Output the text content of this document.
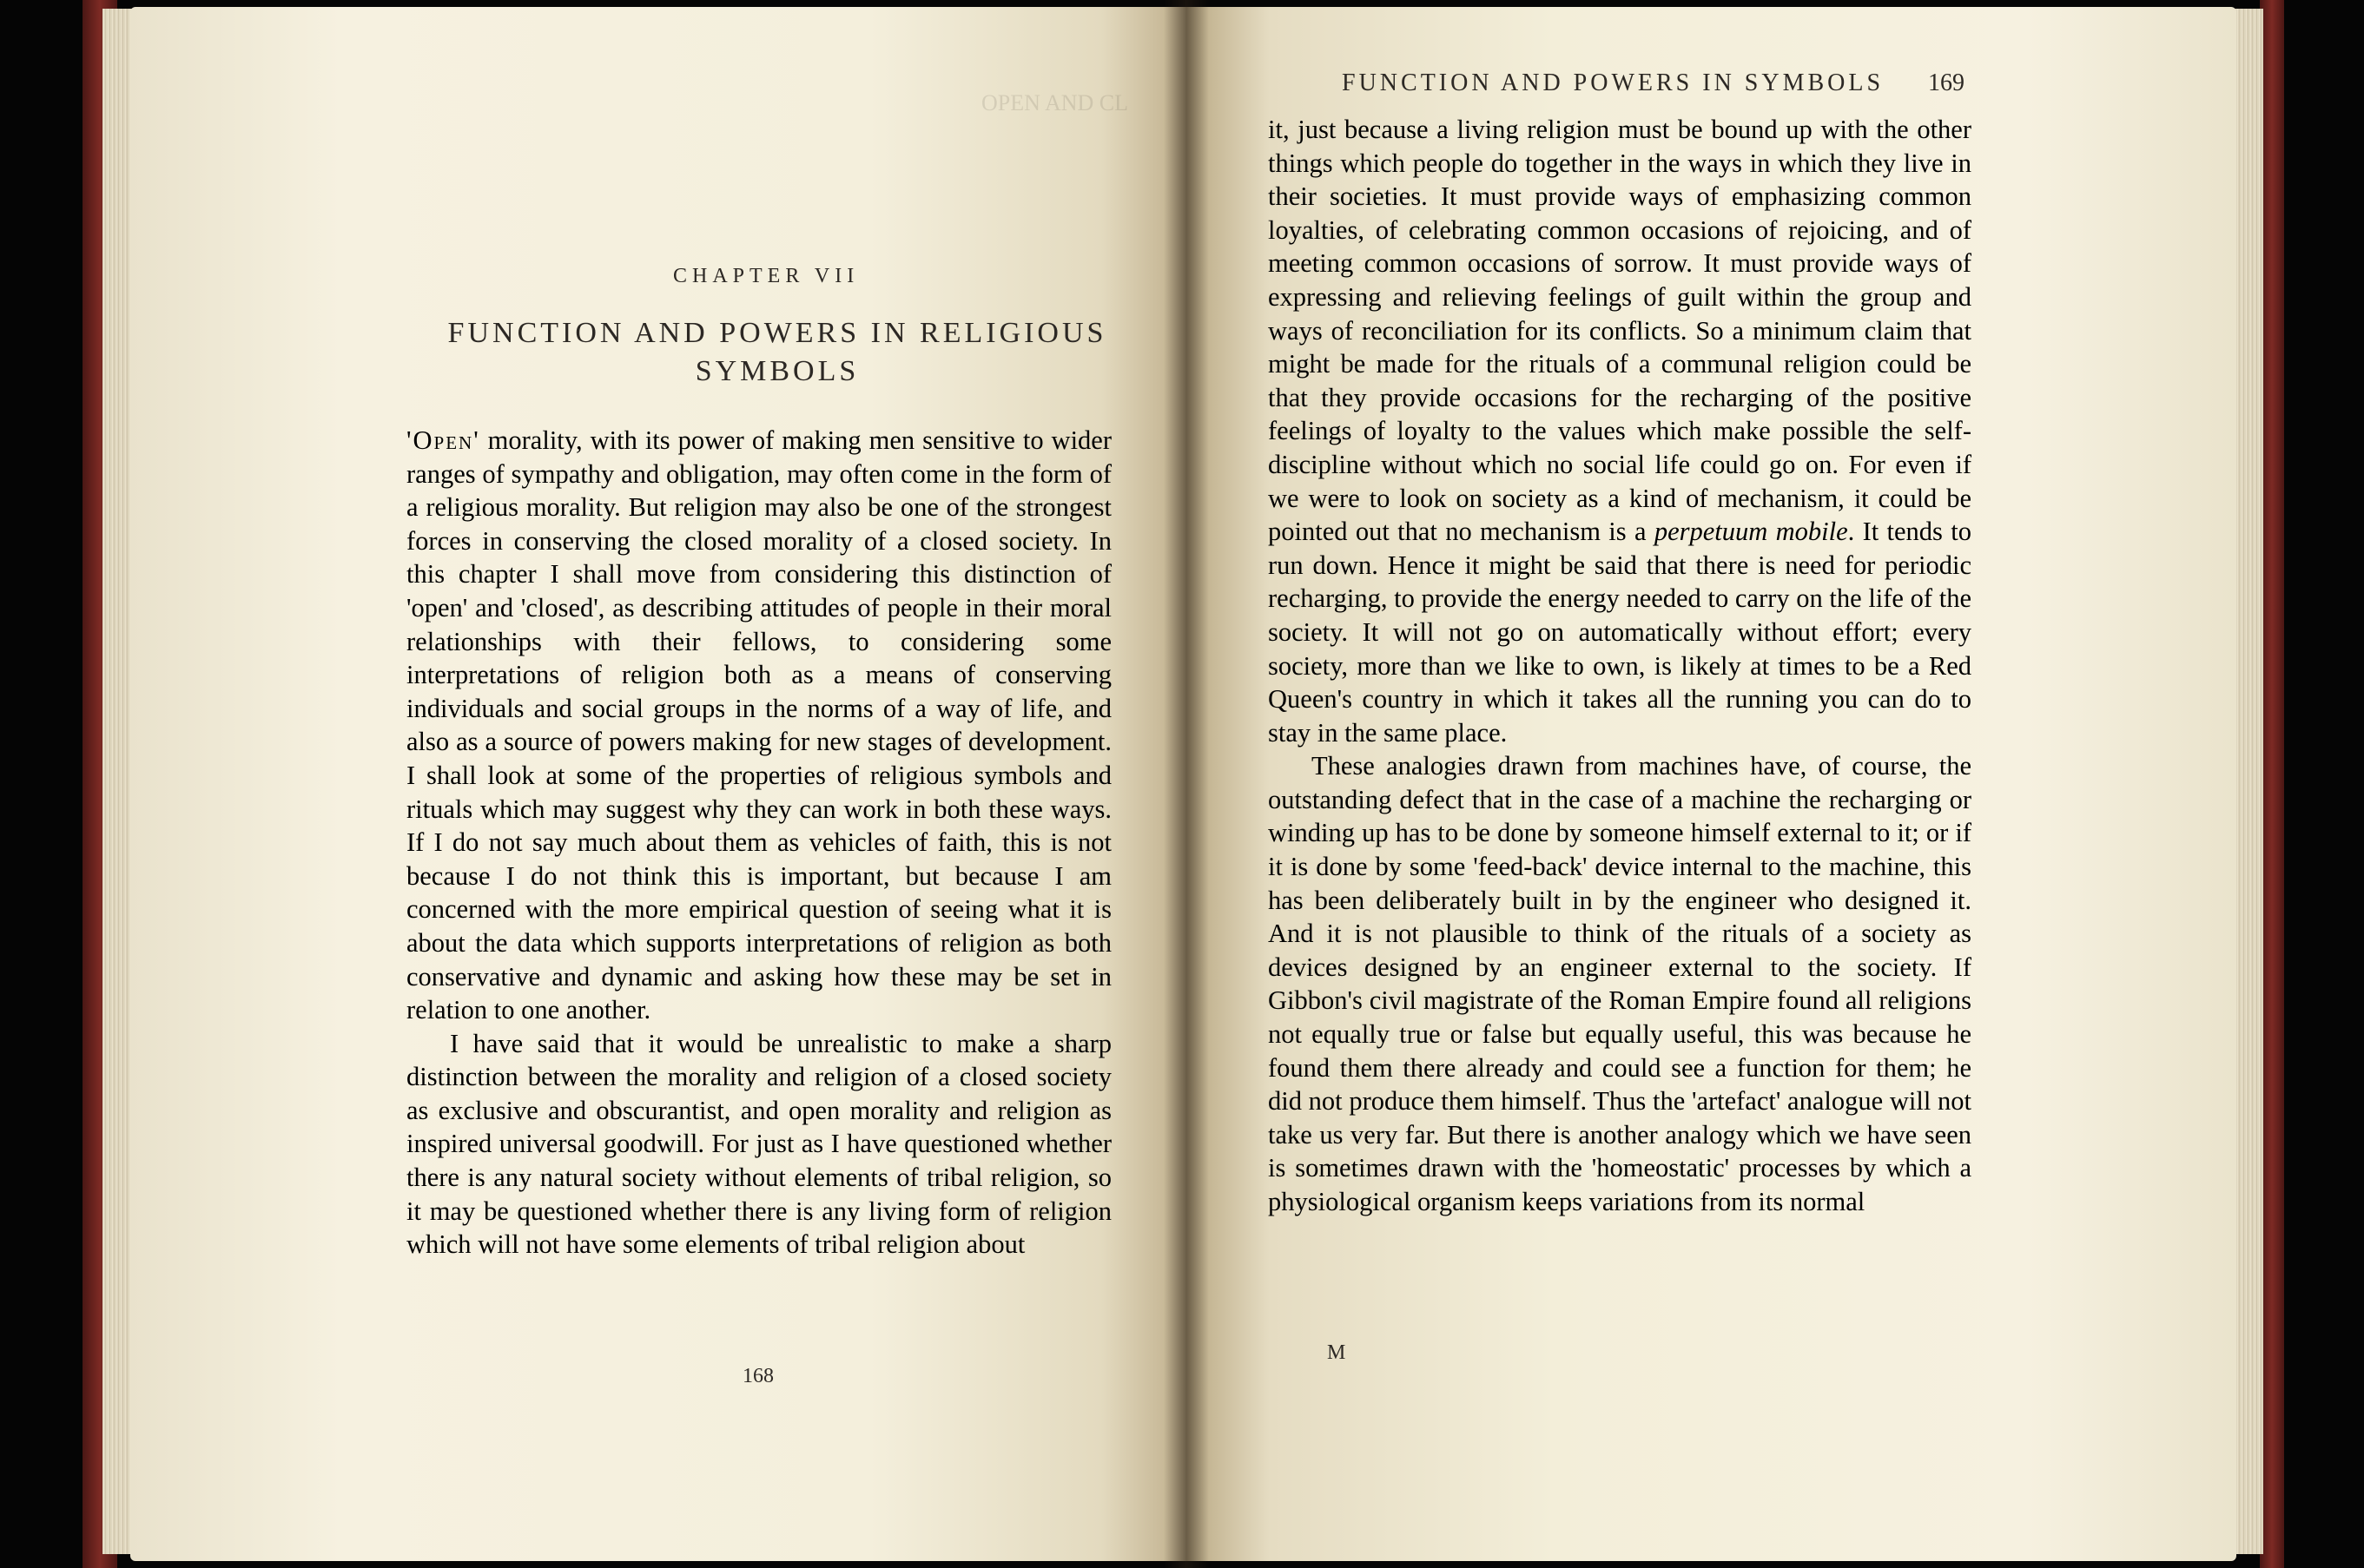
OPEN AND CL
CHAPTER VII
FUNCTION AND POWERS IN RELIGIOUS SYMBOLS

'Open' morality, with its power of making men sensitive to wider ranges of sympathy and obligation, may often come in the form of a religious morality. But religion may also be one of the strongest forces in conserving the closed morality of a closed society. In this chapter I shall move from considering this distinction of 'open' and 'closed', as describing attitudes of people in their moral relationships with their fellows, to considering some interpretations of religion both as a means of conserving individuals and social groups in the norms of a way of life, and also as a source of powers making for new stages of development. I shall look at some of the properties of religious symbols and rituals which may suggest why they can work in both these ways. If I do not say much about them as vehicles of faith, this is not because I do not think this is important, but because I am concerned with the more empirical question of seeing what it is about the data which supports interpretations of religion as both conservative and dynamic and asking how these may be set in relation to one another.

I have said that it would be unrealistic to make a sharp distinction between the morality and religion of a closed society as exclusive and obscurantist, and open morality and religion as inspired universal goodwill. For just as I have questioned whether there is any natural society without elements of tribal religion, so it may be questioned whether there is any living form of religion which will not have some elements of tribal religion about

168
FUNCTION AND POWERS IN SYMBOLS 169

it, just because a living religion must be bound up with the other things which people do together in the ways in which they live in their societies. It must provide ways of emphasizing common loyalties, of celebrating common occasions of rejoicing, and of meeting common occasions of sorrow. It must provide ways of expressing and relieving feelings of guilt within the group and ways of reconciliation for its conflicts. So a minimum claim that might be made for the rituals of a communal religion could be that they provide occasions for the recharging of the positive feelings of loyalty to the values which make possible the self-discipline without which no social life could go on. For even if we were to look on society as a kind of mechanism, it could be pointed out that no mechanism is a perpetuum mobile. It tends to run down. Hence it might be said that there is need for periodic recharging, to provide the energy needed to carry on the life of the society. It will not go on automatically without effort; every society, more than we like to own, is likely at times to be a Red Queen's country in which it takes all the running you can do to stay in the same place.

These analogies drawn from machines have, of course, the outstanding defect that in the case of a machine the recharging or winding up has to be done by someone himself external to it; or if it is done by some 'feed-back' device internal to the machine, this has been deliberately built in by the engineer who designed it. And it is not plausible to think of the rituals of a society as devices designed by an engineer external to the society. If Gibbon's civil magistrate of the Roman Empire found all religions not equally true or false but equally useful, this was because he found them there already and could see a function for them; he did not produce them himself. Thus the 'artefact' analogue will not take us very far. But there is another analogy which we have seen is sometimes drawn with the 'homeostatic' processes by which a physiological organism keeps variations from its normal

M
